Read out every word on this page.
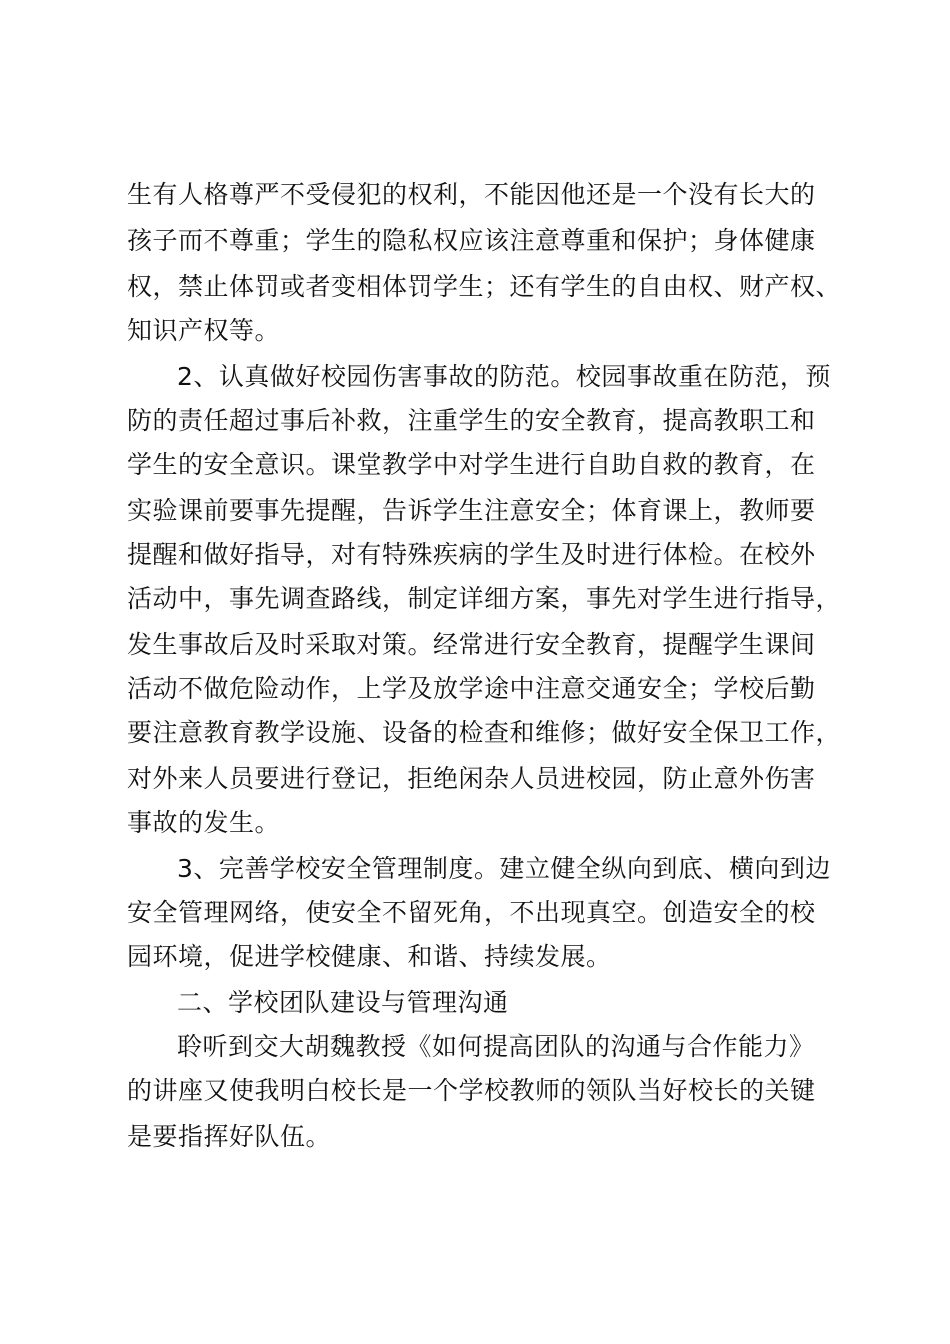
生有人格尊严不受侵犯的权利，不能因他还是一个没有长大的
孩子而不尊重；学生的隐私权应该注意尊重和保护；身体健康
权，禁止体罚或者变相体罚学生；还有学生的自由权、财产权、
知识产权等。
2、认真做好校园伤害事故的防范。校园事故重在防范，预
防的责任超过事后补救，注重学生的安全教育，提高教职工和
学生的安全意识。课堂教学中对学生进行自助自救的教育，在
实验课前要事先提醒，告诉学生注意安全；体育课上，教师要
提醒和做好指导，对有特殊疾病的学生及时进行体检。在校外
活动中，事先调查路线，制定详细方案，事先对学生进行指导，
发生事故后及时采取对策。经常进行安全教育，提醒学生课间
活动不做危险动作，上学及放学途中注意交通安全；学校后勤
要注意教育教学设施、设备的检查和维修；做好安全保卫工作，
对外来人员要进行登记，拒绝闲杂人员进校园，防止意外伤害
事故的发生。
3、完善学校安全管理制度。建立健全纵向到底、横向到边
安全管理网络，使安全不留死角，不出现真空。创造安全的校
园环境，促进学校健康、和谐、持续发展。
二、学校团队建设与管理沟通
聆听到交大胡魏教授《如何提高团队的沟通与合作能力》
的讲座又使我明白校长是一个学校教师的领队当好校长的关键
是要指挥好队伍。
